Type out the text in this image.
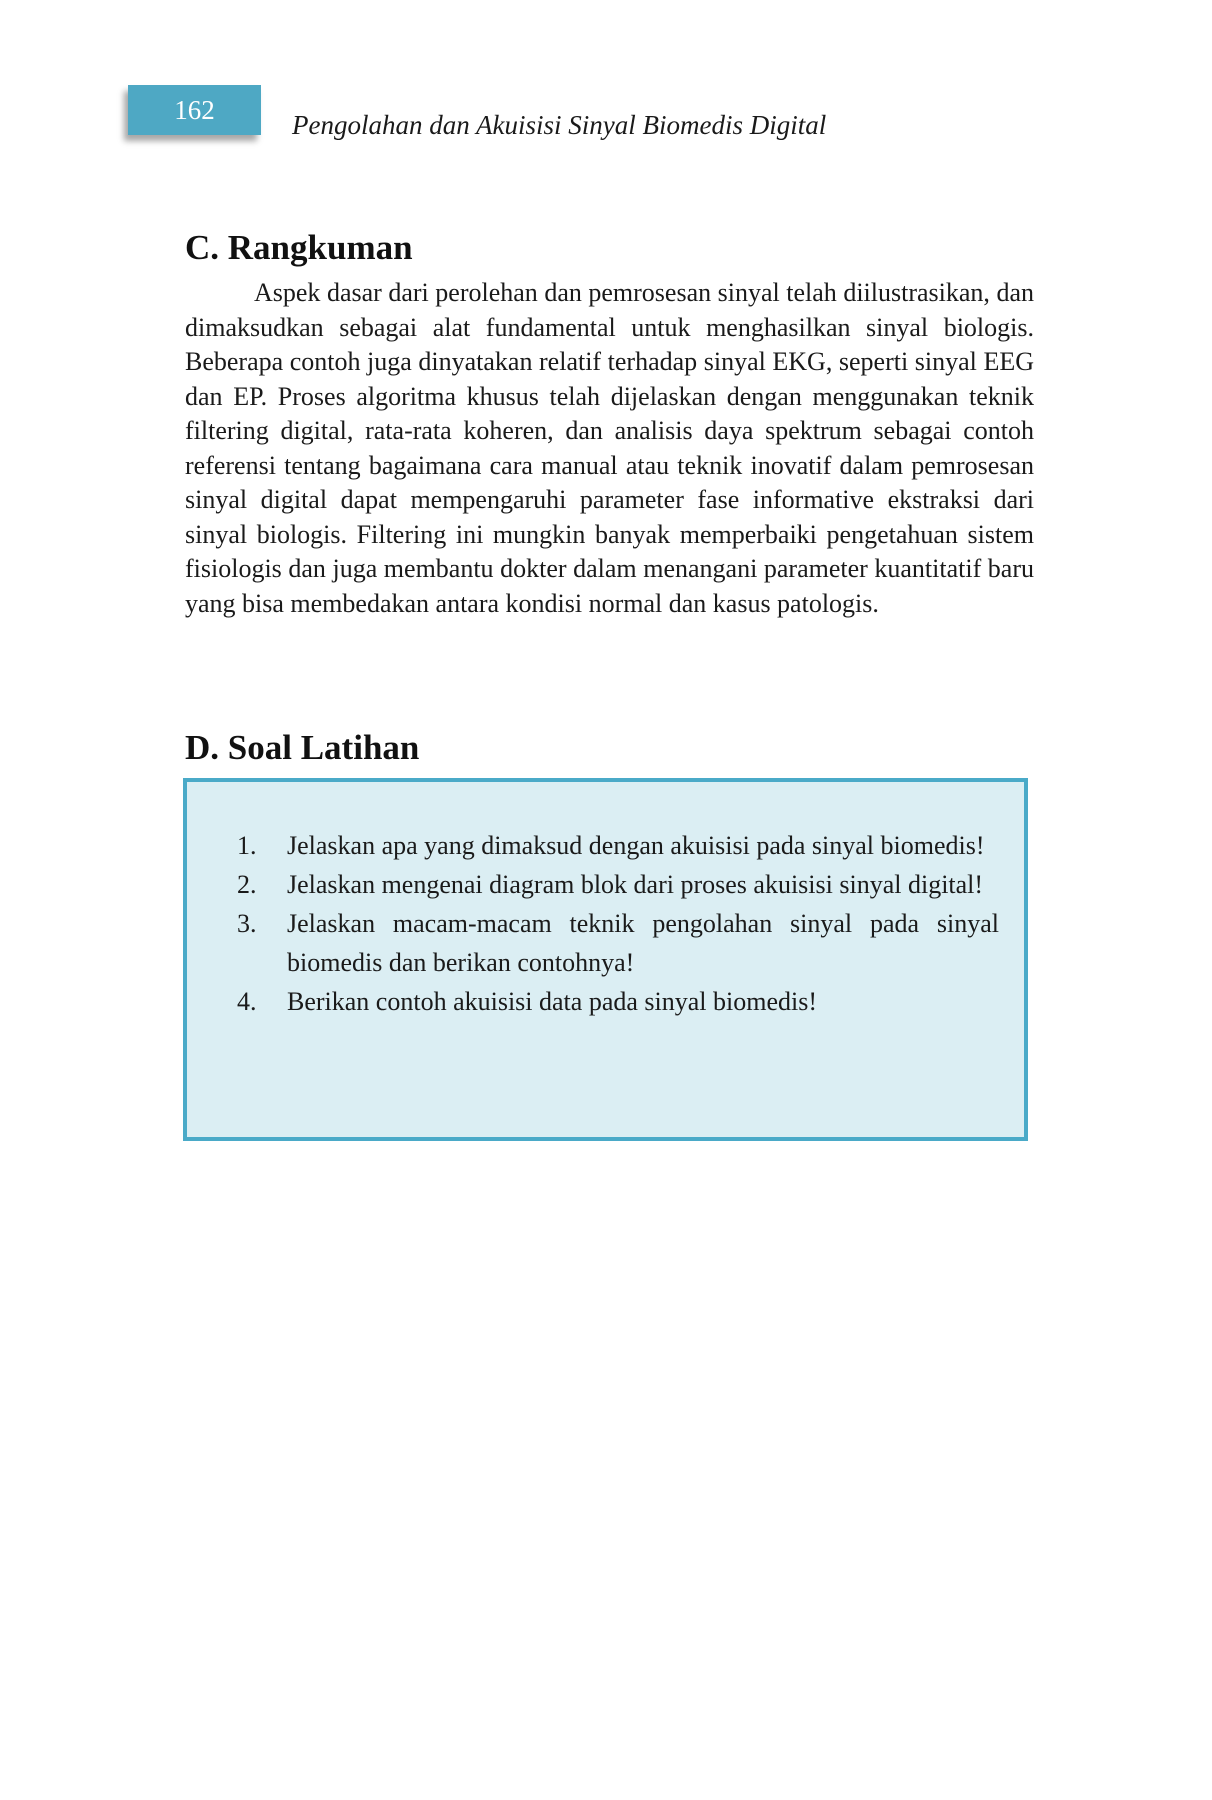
162
Pengolahan dan Akuisisi Sinyal Biomedis Digital
C. Rangkuman

Aspek dasar dari perolehan dan pemrosesan sinyal telah diilustrasikan, dan dimaksudkan sebagai alat fundamental untuk menghasilkan sinyal biologis. Beberapa contoh juga dinyatakan relatif terhadap sinyal EKG, seperti sinyal EEG dan EP. Proses algoritma khusus telah dijelaskan dengan menggunakan teknik filtering digital, rata-rata koheren, dan analisis daya spektrum sebagai contoh referensi tentang bagaimana cara manual atau teknik inovatif dalam pemrosesan sinyal digital dapat mempengaruhi parameter fase informative ekstraksi dari sinyal biologis. Filtering ini mungkin banyak memperbaiki pengetahuan sistem fisiologis dan juga membantu dokter dalam menangani parameter kuantitatif baru yang bisa membedakan antara kondisi normal dan kasus patologis.

D. Soal Latihan
1.	Jelaskan apa yang dimaksud dengan akuisisi pada sinyal biomedis!
2.	Jelaskan mengenai diagram blok dari proses akuisisi sinyal digital!
3.	Jelaskan macam-macam teknik pengolahan sinyal pada sinyal biomedis dan berikan contohnya!
4.	Berikan contoh akuisisi data pada sinyal biomedis!
